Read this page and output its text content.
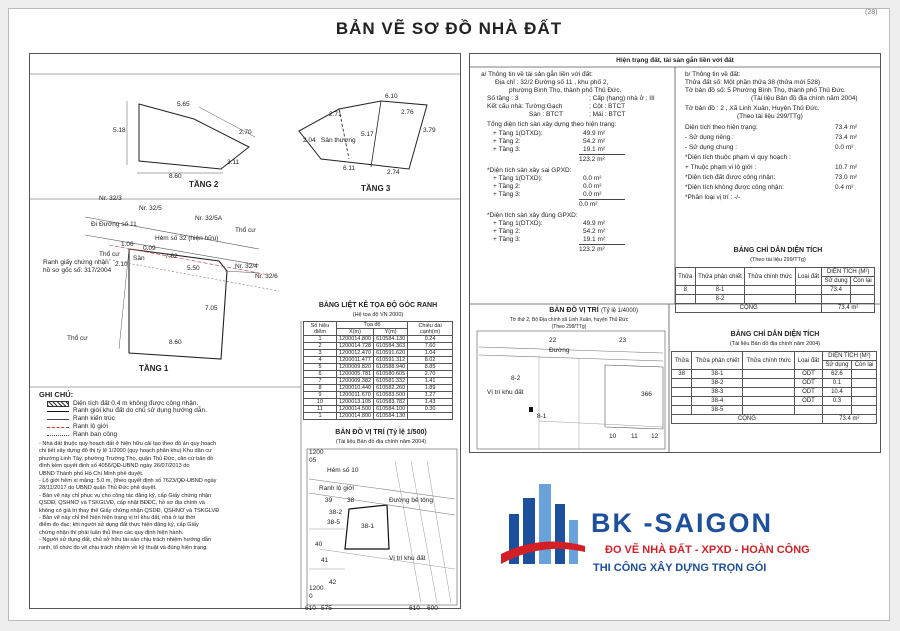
(28)
BẢN VẼ SƠ ĐỒ NHÀ ĐẤT
Hiện trạng đất, tài sản gắn liền với đất
5.65
2.70
5.18
8.60
3.11
TẦNG 2
6.10
2.71	2.76
3.79
6.11
2.04
5.17
2.74
Sân thượng
TẦNG 3
Nr. 32/3
Nr. 32/5
Nr. 32/5A
Thổ cư
Đi Đường số 11
Hẻm số 32 (hiện hữu)
Sân
Thổ cư
Nr. 32/4
Nr. 32/6
Thổ cư
8.60
7.62
5.50
7.05
2.10
1.06
0.09
Ranh giấy chứng nhận
hồ sơ gốc số: 317/2004
TẦNG 1
BẢNG LIỆT KÊ TỌA ĐỘ GÓC RANH
(Hệ tọa độ VN 2000)
Số hiệu điểm	Tọa độ		Chiều dài cạnh(m)
	X(m)	Y(m)	
1	1200014.800	610584.130	0.24
2	1200014.728	610584.363	7.60
3	1200012.470	610591.620	1.04
4	1200011.477	610591.312	8.02
5	1200009.820	610588.940	8.85
6	1200005.781	610580.605	2.70
7	1200009.382	610581.332	1.41
8	1200010.440	610582.260	1.89
9	1200011.670	610583.500	1.27
10	1200013.105	610583.782	1.43
11	1200014.500	610584.100	0.30
1	1200014.800	610584.130	
GHI CHÚ:
Diện tích đất 0.4 m không được công nhận.
Ranh giới khu đất do chủ sử dụng hướng dẫn.
Ranh kiến trúc
Ranh lộ giới
Ranh ban công
- Nhà đất thuộc quy hoạch đất ở hiện hữu cải tạo theo đồ án quy hoạch
chi tiết xây dựng đô thị tỷ lệ 1/2000 (quy hoạch phân khu) Khu dân cư
phường Linh Tây, phường Trường Thọ, quận Thủ Đức, căn cứ bản đồ
đính kèm quyết định số 4056/QĐ-UBND ngày 26/07/2013 do
UBND Thành phố Hồ Chí Minh phê duyệt.
- Lộ giới hẻm xí măng: 5.0 m, (theo quyết định số 7623/QĐ-UBND ngày
28/11/2017 do UBND quận Thủ Đức phê duyệt.
- Bản vẽ này chỉ phục vụ cho công tác đăng ký, cấp Giấy chứng nhận
QSDĐ, QSHNƠ và TSKGLVĐ, cấp nhật BĐĐC, hồ sơ địa chính và
không có giá trị thay thế Giấy chứng nhận QSDĐ, QSHNƠ và TSKGLVĐ
- Bản vẽ này chỉ thể hiện hiện trạng vị trí khu đất, nhà ở tại thời
điểm đo đạc; khi người sử dụng đất thực hiện đăng ký, cấp Giấy
chứng nhận thì phải luân thủ theo các quy định hiện hành.
- Người sử dụng đất, chủ sở hữu tài sản chịu trách nhiệm hướng dẫn
ranh, tổ chức đo vẽ chịu trách nhiệm về kỹ thuật và đúng hiện trạng.
BẢN ĐỒ VỊ TRÍ (Tỷ lệ 1/500)
(Tài liệu Bản đồ địa chính năm 2004)
1200
05
Hẻm số 10
Ranh lộ giới
Đường bê tông
38-1
38-2
38-5
39 38
40
41
42
Vị trí khu đất
610 575	610 600
1200
0
a/ Thông tin về tài sản gắn liền với đất:
Địa chỉ : 32/2 Đường số 11 , khu phố 2,
phường Bình Thọ, thành phố Thủ Đức.
Số tầng : 3	; Cấp (hạng) nhà ở : III
Kết cấu nhà: Tường:Gạch	; Cột : BTCT
Sàn : BTCT	; Mái : BTCT
Tổng diện tích sàn xây dựng theo hiện trạng:
+ Tầng 1(DTXD):	49.9 m²
+ Tầng 2:	54.2 m²
+ Tầng 3:	19.1 m²
123.2 m²
*Diện tích sàn xây sai GPXD:
+ Tầng 1(DTXD):	0.0 m²
+ Tầng 2:	0.0 m²
+ Tầng 3:	0.0 m²
0.0 m²
*Diện tích sàn xây đúng GPXD:
+ Tầng 1(DTXD):	49.9 m²
+ Tầng 2:	54.2 m²
+ Tầng 3:	19.1 m²
123.2 m²
b/ Thông tin về đất:
Thửa đất số: Một phần thửa 38 (thửa mới 528)
Tờ bản đồ số: 5 Phường Bình Thọ, thành phố Thủ Đức.
(Tài liệu Bản đồ địa chính năm 2004)
Tờ bản đồ : 2 , Xã Linh Xuân, Huyện Thủ Đức.
(Theo tài liệu 299/TTg)
Diện tích theo hiện trạng:	73.4 m²
- Sử dụng riêng :	73.4 m²
- Sử dụng chung :	0.0 m²
*Diện tích thuộc phạm vi quy hoạch :
+ Thuộc phạm vi lộ giới :	10.7 m²
*Diện tích đất được công nhận:	73.0 m²
*Diện tích không được công nhận:	0.4 m²
*Phân loại vị trí : -/-
BẢNG CHỈ DẪN DIỆN TÍCH
(Theo tài liệu 299/TTg)
Thửa	Thửa phân chiết	Thửa chính thức	Loại đất	DIỆN TÍCH (M²)	
				Sử dụng	Còn lại
8	8-1			73.4	
	8-2				
CỘNG				73.4 m²	
BẢNG CHỈ DẪN DIỆN TÍCH
(Tài liệu Bản đồ địa chính năm 2004)
Thửa	Thửa phân chiết	Thửa chính thức	Loại đất	DIỆN TÍCH (M²)	
				Sử dụng	Còn lại
38	38-1		ODT	62.6	
	38-2		ODT	0.1	
	38-3		ODT	10.4	
	38-4		ODT	0.3	
	38-5				
CỘNG				73.4 m²	
BẢN ĐỒ VỊ TRÍ (Tỷ lệ 1/4000)
Tờ thứ 2, Bộ Địa chính xã Linh Xuân, huyện Thủ Đức
(Theo 299/TTg)
22	23
Đường
8-2
366
Vị trí khu đất
8-1
10 11 12
BK -SAIGON
ĐO VẼ NHÀ ĐẤT - XPXD - HOÀN CÔNG
THI CÔNG XÂY DỰNG TRỌN GÓI
